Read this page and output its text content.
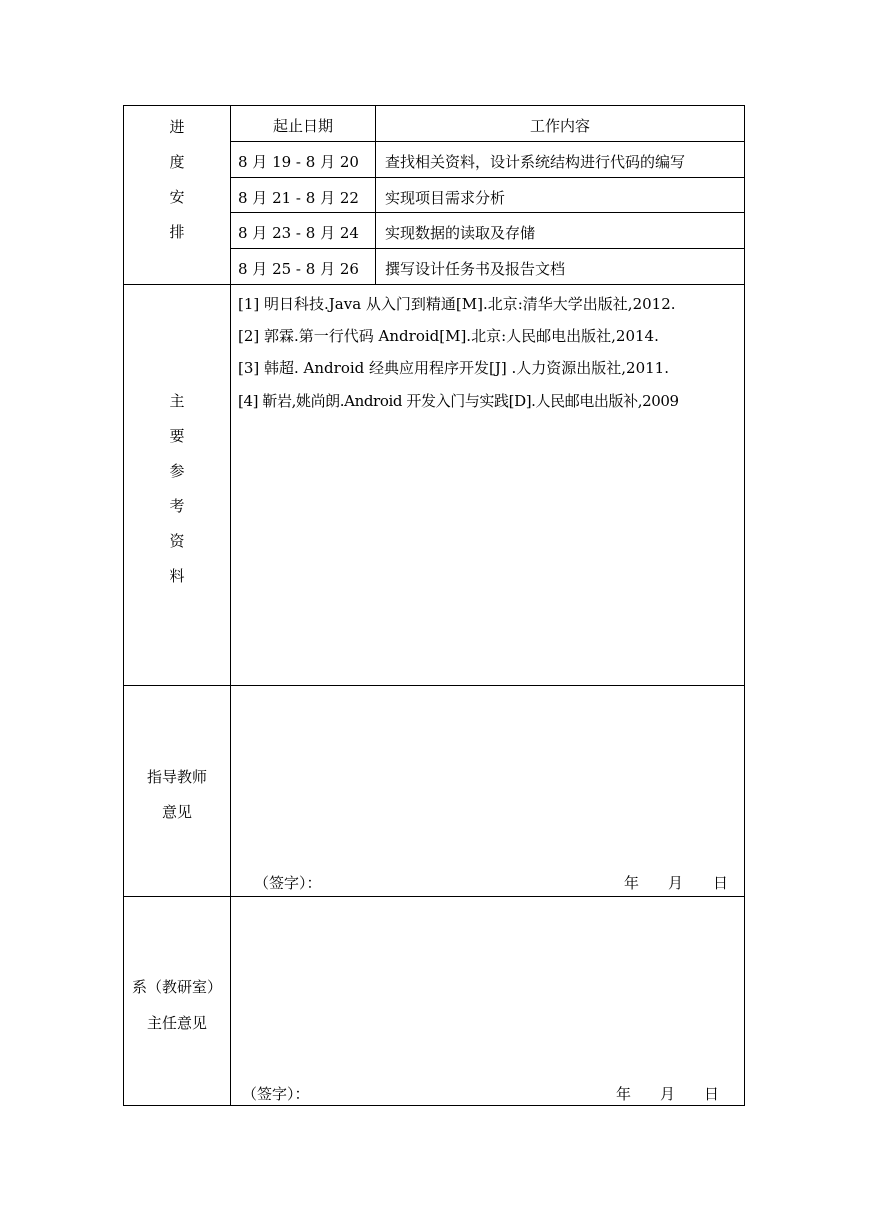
进
度
安
排
起止日期	工作内容
8 月 19 - 8 月 20 查找相关资料，设计系统结构进行代码的编写
8 月 21 - 8 月 22 实现项目需求分析
8 月 23 - 8 月 24 实现数据的读取及存储
8 月 25 - 8 月 26 撰写设计任务书及报告文档
主
要
参
考
资
料
[1] 明日科技.Java 从入门到精通[M].北京:清华大学出版社,2012.
[2] 郭霖.第一行代码 Android[M].北京:人民邮电出版社,2014.
[3] 韩超. Android 经典应用程序开发[J] .人力资源出版社,2011.
[4] 靳岩,姚尚朗.Android 开发入门与实践[D].人民邮电出版补,2009
指导教师
意见
（签字）：	年 月 日
系（教研室）
主任意见
（签字）：	年 月 日
